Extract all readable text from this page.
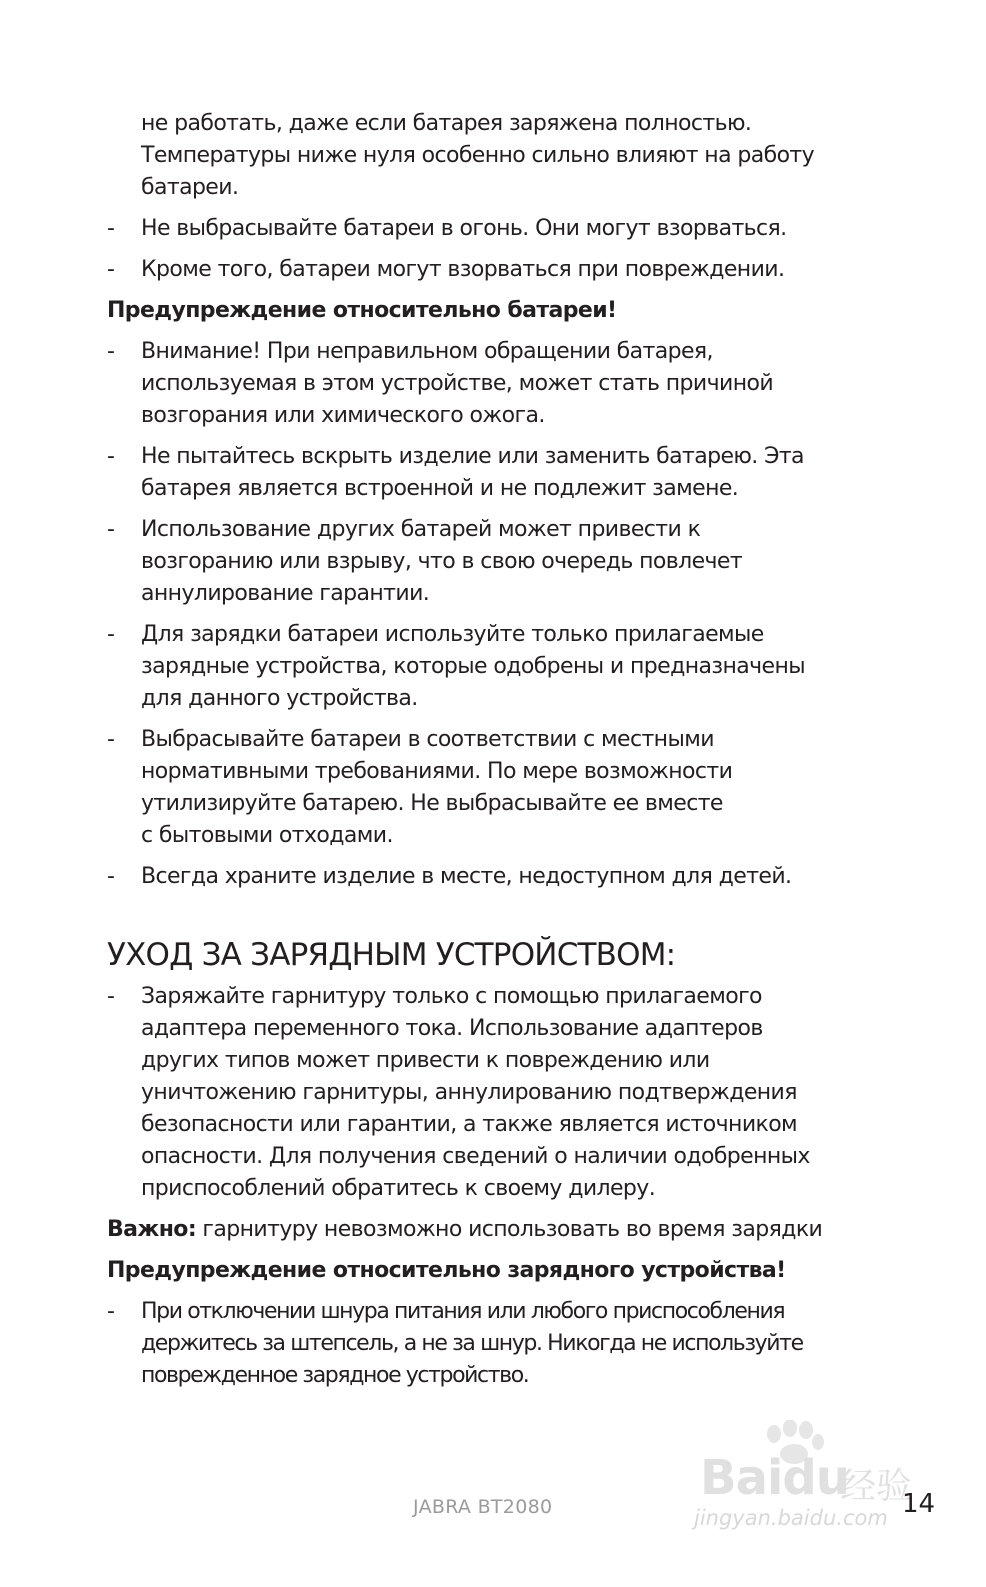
не работать, даже если батарея заряжена полностью.
Температуры ниже нуля особенно сильно влияют на работу
батареи.
-	Не выбрасывайте батареи в огонь. Они могут взорваться.
-	Кроме того, батареи могут взорваться при повреждении.
Предупреждение относительно батареи!
-	Внимание! При неправильном обращении батарея,
используемая в этом устройстве, может стать причиной
возгорания или химического ожога.
-	Не пытайтесь вскрыть изделие или заменить батарею. Эта
батарея является встроенной и не подлежит замене.
-	Использование других батарей может привести к
возгоранию или взрыву, что в свою очередь повлечет
аннулирование гарантии.
-	Для зарядки батареи используйте только прилагаемые
зарядные устройства, которые одобрены и предназначены
для данного устройства.
-	Выбрасывайте батареи в соответствии с местными
нормативными требованиями. По мере возможности
утилизируйте батарею. Не выбрасывайте ее вместе
с бытовыми отходами.
-	Всегда храните изделие в месте, недоступном для детей.
УХОД ЗА ЗАРЯДНЫМ УСТРОЙСТВОМ:
-	Заряжайте гарнитуру только с помощью прилагаемого
адаптера переменного тока. Использование адаптеров
других типов может привести к повреждению или
уничтожению гарнитуры, аннулированию подтверждения
безопасности или гарантии, а также является источником
опасности. Для получения сведений о наличии одобренных
приспособлений обратитесь к своему дилеру.
Важно: гарнитуру невозможно использовать во время зарядки
Предупреждение относительно зарядного устройства!
-	При отключении шнура питания или любого приспособления
держитесь за штепсель, а не за шнур. Никогда не используйте
поврежденное зарядное устройство.
Baidu
经验
jingyan.baidu.com
JABRA BT2080	14
